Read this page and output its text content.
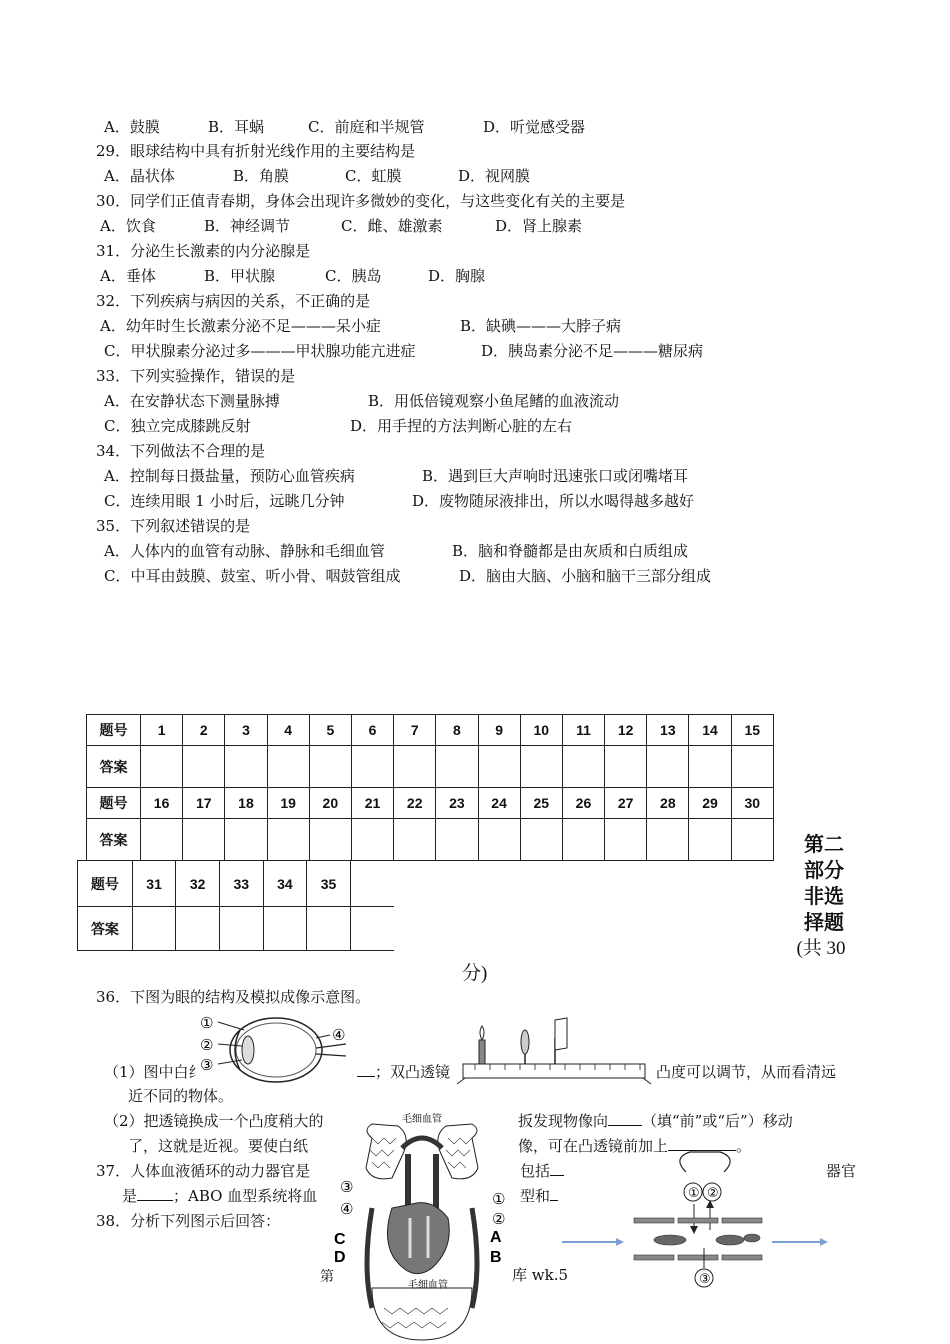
A．鼓膜	B．耳蜗	C．前庭和半规管	D．听觉感受器
29．眼球结构中具有折射光线作用的主要结构是
A．晶状体	B．角膜	C．虹膜	D．视网膜
30．同学们正值青春期，身体会出现许多微妙的变化，与这些变化有关的主要是
A．饮食	B．神经调节	C．雌、雄激素	D．肾上腺素
31．分泌生长激素的内分泌腺是
A．垂体	B．甲状腺	C．胰岛	D．胸腺
32．下列疾病与病因的关系，不正确的是
A．幼年时生长激素分泌不足———呆小症	B．缺碘———大脖子病
C．甲状腺素分泌过多———甲状腺功能亢进症	D．胰岛素分泌不足———糖尿病
33．下列实验操作，错误的是
A．在安静状态下测量脉搏	B．用低倍镜观察小鱼尾鳍的血液流动
C．独立完成膝跳反射	D．用手捏的方法判断心脏的左右
34．下列做法不合理的是
A．控制每日摄盐量，预防心血管疾病	B．遇到巨大声响时迅速张口或闭嘴堵耳
C．连续用眼 1 小时后，远眺几分钟	D．废物随尿液排出，所以水喝得越多越好
35．下列叙述错误的是
A．人体内的血管有动脉、静脉和毛细血管	B．脑和脊髓都是由灰质和白质组成
C．中耳由鼓膜、鼓室、听小骨、咽鼓管组成	D．脑由大脑、小脑和脑干三部分组成
题号	1	2	3	4	5	6	7	8	9	10	11	12	13	14	15
答案															
题号	16	17	18	19	20	21	22	23	24	25	26	27	28	29	30
答案															
题号	31	32	33	34	35	
答案						
第二部分非选择题
(共 30
分)
36．下图为眼的结构及模拟成像示意图。
①
②
③
④
（1）图中白纟	；双凸透镜	凸度可以调节，从而看清远
近不同的物体。
（2）把透镜换成一个凸度稍大的	扳发现物像向 （填“前”或“后”）移动
了，这就是近视。要使白纸	像，可在凸透镜前加上	。
37．人体血液循环的动力器官是	包括	器官
是 ；ABO 血型系统将血	型和
38．分析下列图示后回答：
第	库 wk.5
毛细血管
毛细血管
③
④
C
D
①
②
A
B
① ②
③
